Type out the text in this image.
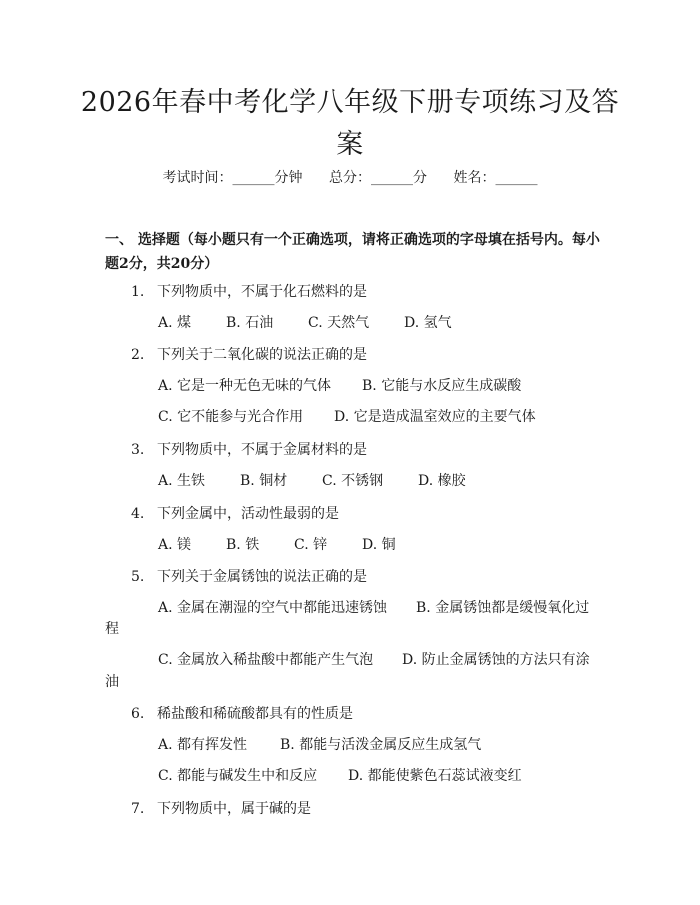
2026年春中考化学八年级下册专项练习及答案
考试时间：______分钟 总分：______分 姓名：______
一、 选择题（每小题只有一个正确选项，请将正确选项的字母填在括号内。每小题2分，共20分）
1. 下列物质中，不属于化石燃料的是
A. 煤 B. 石油 C. 天然气 D. 氢气
2. 下列关于二氧化碳的说法正确的是
A. 它是一种无色无味的气体 B. 它能与水反应生成碳酸
C. 它不能参与光合作用 D. 它是造成温室效应的主要气体
3. 下列物质中，不属于金属材料的是
A. 生铁 B. 铜材 C. 不锈钢 D. 橡胶
4. 下列金属中，活动性最弱的是
A. 镁 B. 铁 C. 锌 D. 铜
5. 下列关于金属锈蚀的说法正确的是
A. 金属在潮湿的空气中都能迅速锈蚀 B. 金属锈蚀都是缓慢氧化过
程
C. 金属放入稀盐酸中都能产生气泡 D. 防止金属锈蚀的方法只有涂
油
6. 稀盐酸和稀硫酸都具有的性质是
A. 都有挥发性 B. 都能与活泼金属反应生成氢气
C. 都能与碱发生中和反应 D. 都能使紫色石蕊试液变红
7. 下列物质中，属于碱的是
